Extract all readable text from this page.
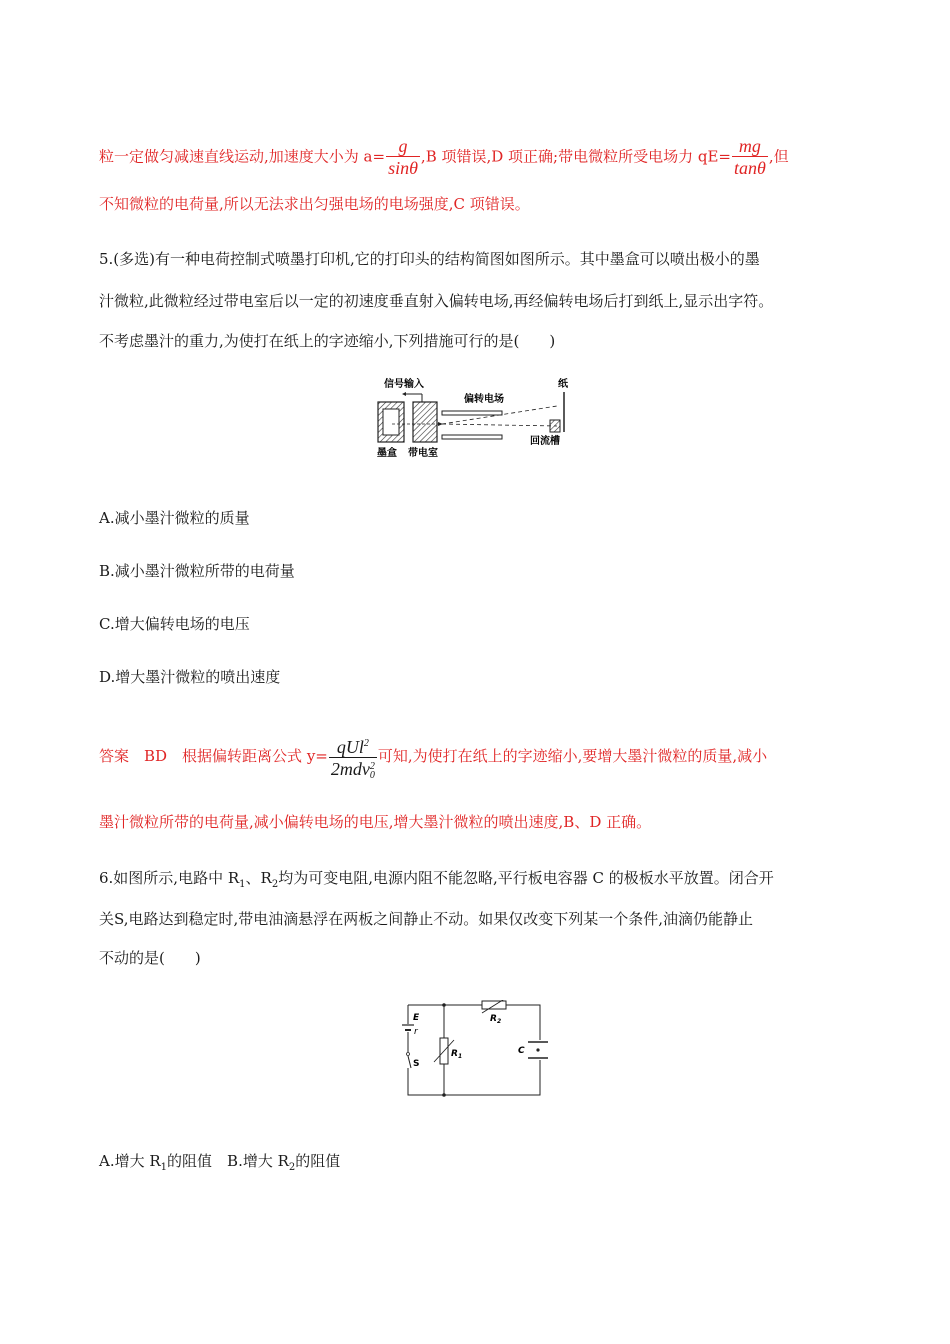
粒一定做匀减速直线运动,加速度大小为 $a= \frac{g}{\sin\theta} ,B$ 项错误,D 项正确;带电微粒所受电场力 $qE= \frac{mg}{\tan\theta}$ ,但
不知微粒的电荷量,所以无法求出匀强电场的电场强度,C 项错误。
5.(多选)有一种电荷控制式喷墨打印机,它的打印头的结构简图如图所示。其中墨盒可以喷出极小的墨
汁微粒,此微粒经过带电室后以一定的初速度垂直射入偏转电场,再经偏转电场后打到纸上,显示出字符。
不考虑墨汁的重力,为使打在纸上的字迹缩小,下列措施可行的是(　　)
信号输入
偏转电场
纸
回流槽
墨盒 带电室
A.减小墨汁微粒的质量
B.减小墨汁微粒所带的电荷量
C.增大偏转电场的电压
D.增大墨汁微粒的喷出速度
答案　BD　根据偏转距离公式 y= qUl$^2$
2mdv 2
0 可知,为使打在纸上的字迹缩小,要增大墨汁微粒的质量,减小
墨汁微粒所带的电荷量,减小偏转电场的电压,增大墨汁微粒的喷出速度,B、D 正确。
6.如图所示,电路中 $R_1$、$R_2$均为可变电阻,电源内阻不能忽略,平行板电容器 C 的极板水平放置。闭合开
关S,电路达到稳定时,带电油滴悬浮在两板之间静止不动。如果仅改变下列某一个条件,油滴仍能静止
不动的是(　　)
E
r
S
$R_1$
$R_2$
C
A.增大 $R_1$的阻值　B.增大 $R_2$的阻值
